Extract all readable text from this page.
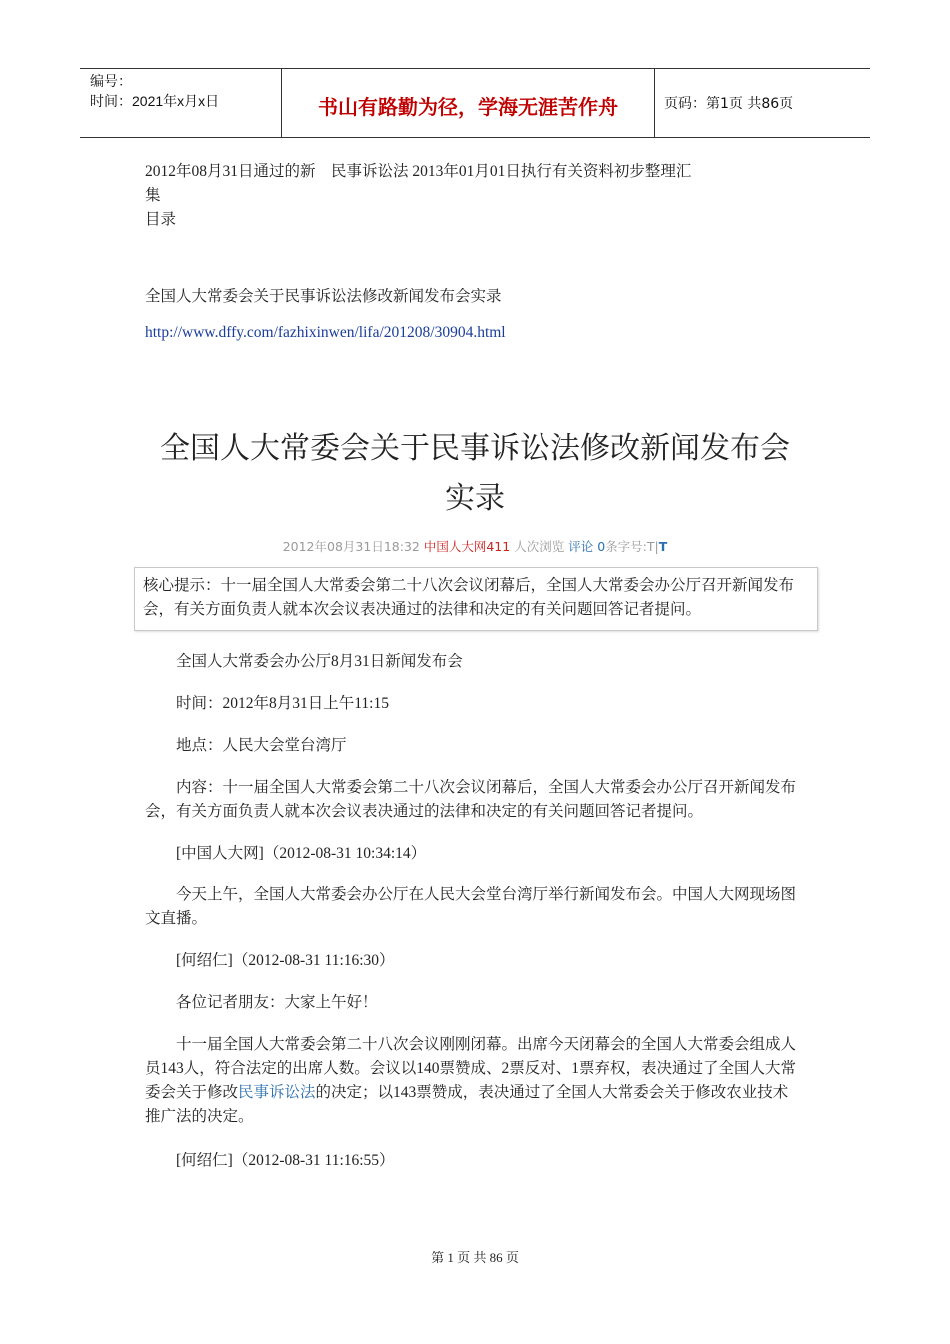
编号：
时间：2021年x月x日	书山有路勤为径，学海无涯苦作舟	页码：第1页 共86页
2012年08月31日通过的新　民事诉讼法 2013年01月01日执行有关资料初步整理汇
集
目录
全国人大常委会关于民事诉讼法修改新闻发布会实录
http://www.dffy.com/fazhixinwen/lifa/201208/30904.html
全国人大常委会关于民事诉讼法修改新闻发布会
实录
2012年08月31日18:32 中国人大网411 人次浏览 评论 0条字号:T|T
核心提示：十一届全国人大常委会第二十八次会议闭幕后，全国人大常委会办公厅召开新闻发布会，有关方面负责人就本次会议表决通过的法律和决定的有关问题回答记者提问。
全国人大常委会办公厅8月31日新闻发布会
时间：2012年8月31日上午11:15
地点：人民大会堂台湾厅
内容：十一届全国人大常委会第二十八次会议闭幕后，全国人大常委会办公厅召开新闻发布会，有关方面负责人就本次会议表决通过的法律和决定的有关问题回答记者提问。
[中国人大网]（2012-08-31 10:34:14）
今天上午，全国人大常委会办公厅在人民大会堂台湾厅举行新闻发布会。中国人大网现场图文直播。
[何绍仁]（2012-08-31 11:16:30）
各位记者朋友：大家上午好！
十一届全国人大常委会第二十八次会议刚刚闭幕。出席今天闭幕会的全国人大常委会组成人员143人，符合法定的出席人数。会议以140票赞成、2票反对、1票弃权，表决通过了全国人大常委会关于修改民事诉讼法的决定；以143票赞成，表决通过了全国人大常委会关于修改农业技术推广法的决定。
[何绍仁]（2012-08-31 11:16:55）
第 1 页 共 86 页
